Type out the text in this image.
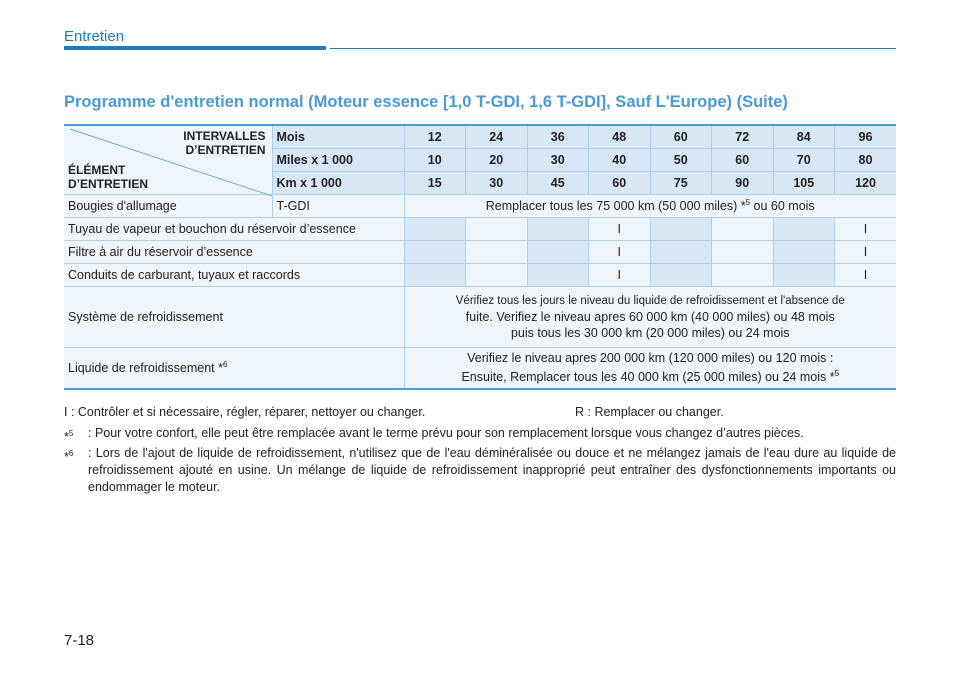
Entretien
Programme d'entretien normal (Moteur essence [1,0 T-GDI, 1,6 T-GDI], Sauf L'Europe) (Suite)
INTERVALLES
D’ENTRETIEN
ÉLÉMENT
D’ENTRETIEN	Mois	12	24	36	48	60	72	84	96
	Miles x 1 000	10	20	30	40	50	60	70	80
	Km x 1 000	15	30	45	60	75	90	105	120
Bougies d'allumage	T-GDI	Remplacer tous les 75 000 km (50 000 miles) *$^5$ ou 60 mois							
Tuyau de vapeur et bouchon du réservoir d’essence					I				I
Filtre à air du réservoir d’essence					I				I
Conduits de carburant, tuyaux et raccords					I				I
Système de refroidissement		Vérifiez tous les jours le niveau du liquide de refroidissement et l'absence de
fuite. Verifiez le niveau apres 60 000 km (40 000 miles) ou 48 mois
puis tous les 30 000 km (20 000 miles) ou 24 mois							

Liquide de refroidissement *$^6$		Verifiez le niveau apres 200 000 km (120 000 miles) ou 120 mois :
Ensuite, Remplacer tous les 40 000 km (25 000 miles) ou 24 mois *$^5$
I : Contrôler et si nécessaire, régler, réparer, nettoyer ou changer.	R : Remplacer ou changer.
*$^5$ : Pour votre confort, elle peut être remplacée avant le terme prévu pour son remplacement lorsque vous changez d’autres pièces.
*$^6$ : Lors de l'ajout de liquide de refroidissement, n'utilisez que de l'eau déminéralisée ou douce et ne mélangez jamais de l'eau dure au liquide de refroidissement ajouté en usine. Un mélange de liquide de refroidissement inapproprié peut entraîner des dysfonctionnements importants ou endommager le moteur.
7-18
